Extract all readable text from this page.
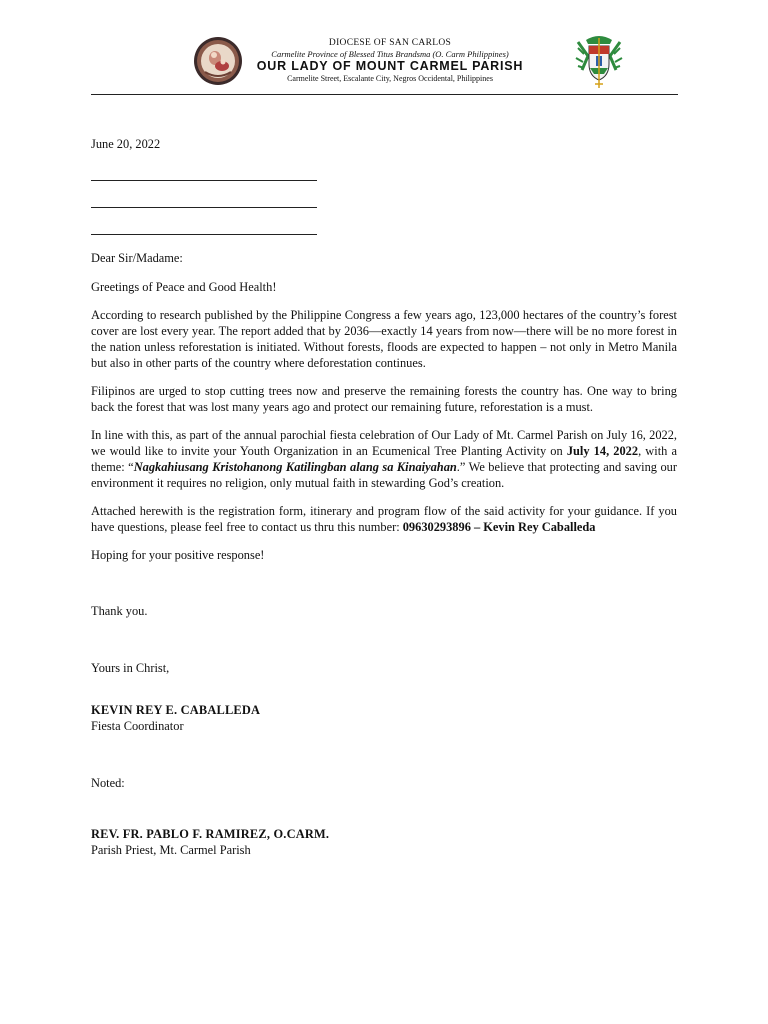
DIOCESE OF SAN CARLOS
Carmelite Province of Blessed Titus Brandsma (O. Carm Philippines)
OUR LADY OF MOUNT CARMEL PARISH
Carmelite Street, Escalante City, Negros Occidental, Philippines

June 20, 2022

Dear Sir/Madame:

Greetings of Peace and Good Health!

According to research published by the Philippine Congress a few years ago, 123,000 hectares of the country’s forest cover are lost every year. The report added that by 2036—exactly 14 years from now—there will be no more forest in the nation unless reforestation is initiated. Without forests, floods are expected to happen – not only in Metro Manila but also in other parts of the country where deforestation continues.

Filipinos are urged to stop cutting trees now and preserve the remaining forests the country has. One way to bring back the forest that was lost many years ago and protect our remaining future, reforestation is a must.

In line with this, as part of the annual parochial fiesta celebration of Our Lady of Mt. Carmel Parish on July 16, 2022, we would like to invite your Youth Organization in an Ecumenical Tree Planting Activity on July 14, 2022, with a theme: “Nagkahiusang Kristohanong Katilingban alang sa Kinaiyahan.” We believe that protecting and saving our environment it requires no religion, only mutual faith in stewarding God’s creation.

Attached herewith is the registration form, itinerary and program flow of the said activity for your guidance. If you have questions, please feel free to contact us thru this number: 09630293896 – Kevin Rey Caballeda

Hoping for your positive response!

Thank you.

Yours in Christ,

KEVIN REY E. CABALLEDA

Fiesta Coordinator

Noted:

REV. FR. PABLO F. RAMIREZ, O.CARM.

Parish Priest, Mt. Carmel Parish
